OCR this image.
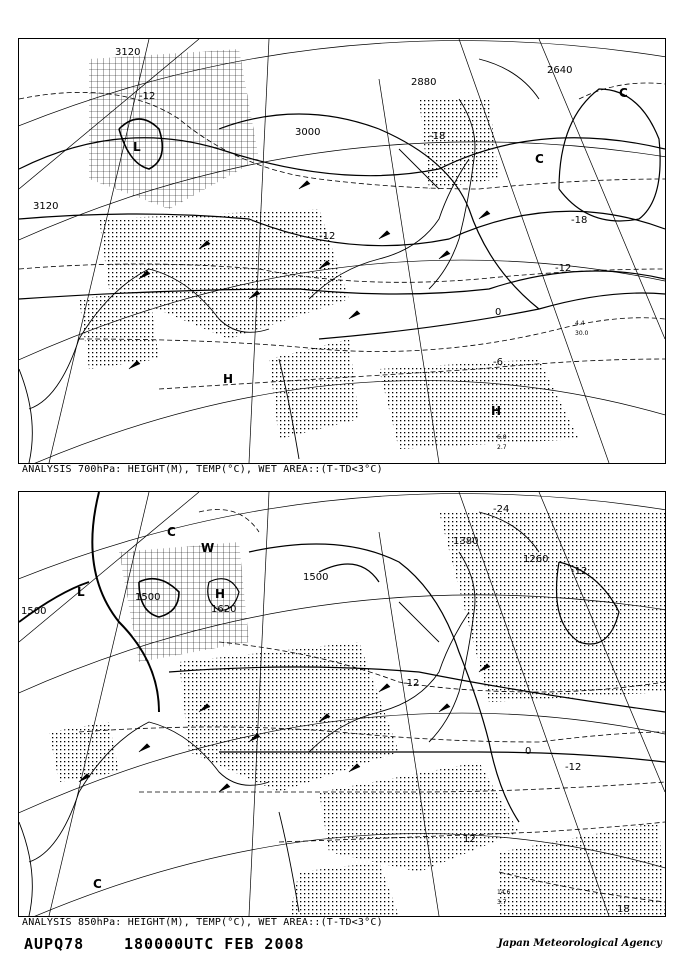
3120
3000
2880
2640
3120
-12
-18
-12
-18
-12
0
-6
L
H
H
C
C
6.0
2.7
4.4
30.0
ANALYSIS 700hPa: HEIGHT(M), TEMP(°C), WET AREA::(T-TD<3°C)
1500
1500
1620
1500
1380
1260
-24
-12
-12
0
12
18
-12
L	H
C
C
W
14.6
3.7
ANALYSIS 850hPa: HEIGHT(M), TEMP(°C), WET AREA::(T-TD<3°C)
AUPQ78	180000UTC FEB 2008	Japan Meteorological Agency
